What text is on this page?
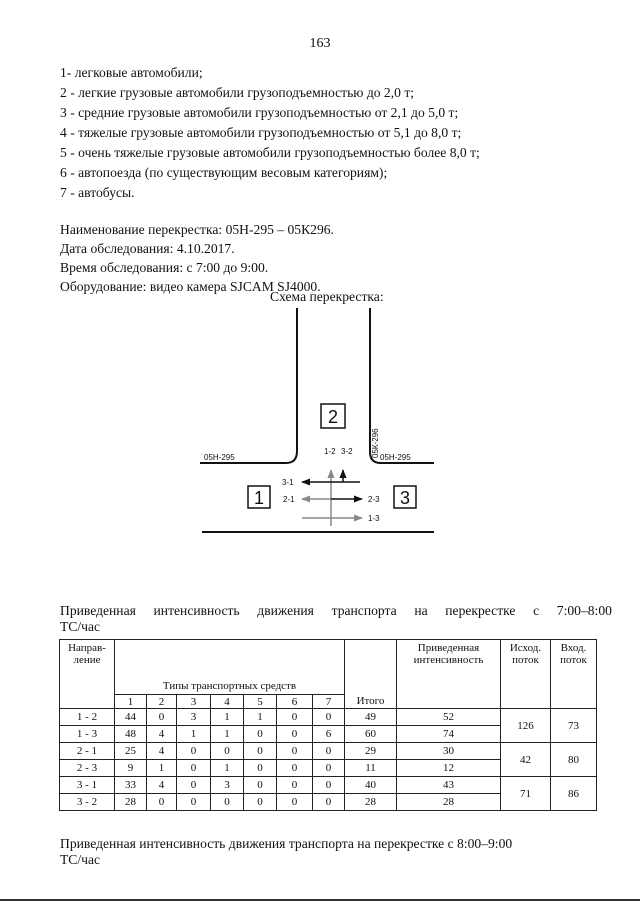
163
1- легковые автомобили;
2 - легкие грузовые автомобили грузоподъемностью до 2,0 т;
3 - средние грузовые автомобили грузоподъемностью от 2,1 до 5,0 т;
4 - тяжелые грузовые автомобили грузоподъемностью от 5,1 до 8,0 т;
5 - очень тяжелые грузовые автомобили грузоподъемностью более 8,0 т;
6 - автопоезда (по существующим весовым категориям);
7 - автобусы.
Наименование перекрестка: 05Н-295 – 05К296.
Дата обследования: 4.10.2017.
Время обследования: с 7:00 до 9:00.
Оборудование: видео камера SJCAM SJ4000.
Схема перекрестка:
05Н-295	05Н-295
05К-296
2
1	3
1-2 3-2
3-1
2-1	2-3
1-3
Приведенная интенсивность движения транспорта на перекрестке с 7:00–8:00
ТС/час
Направ-ление	Типы транспортных средств							Итого	Приведенная интенсивность	Исход. поток	Вход. поток
	1	2	3	4	5	6	7				
1 - 2	44	0	3	1	1	0	0	49	52	126	73
1 - 3	48	4	1	1	0	0	6	60	74		
2 - 1	25	4	0	0	0	0	0	29	30	42	80
2 - 3	9	1	0	1	0	0	0	11	12		
3 - 1	33	4	0	3	0	0	0	40	43	71	86
3 - 2	28	0	0	0	0	0	0	28	28		
Приведенная интенсивность движения транспорта на перекрестке с 8:00–9:00
ТС/час
